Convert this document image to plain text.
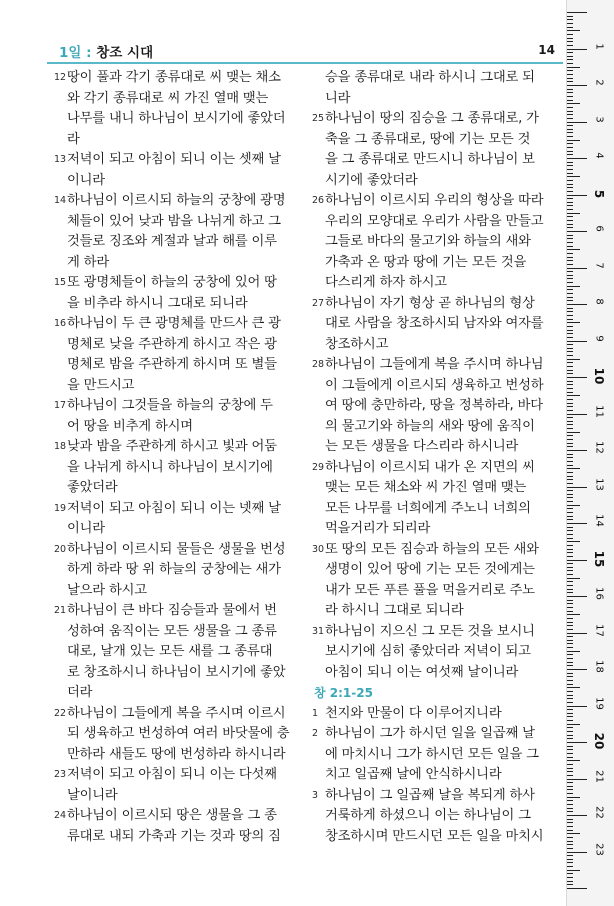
1일 : 창조 시대	14
12 땅이 풀과 각기 종류대로 씨 맺는 채소
와 각기 종류대로 씨 가진 열매 맺는
나무를 내니 하나님이 보시기에 좋았더
라
13 저녁이 되고 아침이 되니 이는 셋째 날
이니라
14 하나님이 이르시되 하늘의 궁창에 광명
체들이 있어 낮과 밤을 나뉘게 하고 그
것들로 징조와 계절과 날과 해를 이루
게 하라
15 또 광명체들이 하늘의 궁창에 있어 땅
을 비추라 하시니 그대로 되니라
16 하나님이 두 큰 광명체를 만드사 큰 광
명체로 낮을 주관하게 하시고 작은 광
명체로 밤을 주관하게 하시며 또 별들
을 만드시고
17 하나님이 그것들을 하늘의 궁창에 두
어 땅을 비추게 하시며
18 낮과 밤을 주관하게 하시고 빛과 어둠
을 나뉘게 하시니 하나님이 보시기에
좋았더라
19 저녁이 되고 아침이 되니 이는 넷째 날
이니라
20 하나님이 이르시되 물들은 생물을 번성
하게 하라 땅 위 하늘의 궁창에는 새가
날으라 하시고
21 하나님이 큰 바다 짐승들과 물에서 번
성하여 움직이는 모든 생물을 그 종류
대로, 날개 있는 모든 새를 그 종류대
로 창조하시니 하나님이 보시기에 좋았
더라
22 하나님이 그들에게 복을 주시며 이르시
되 생육하고 번성하여 여러 바닷물에 충
만하라 새들도 땅에 번성하라 하시니라
23 저녁이 되고 아침이 되니 이는 다섯째
날이니라
24 하나님이 이르시되 땅은 생물을 그 종
류대로 내되 가축과 기는 것과 땅의 짐
승을 종류대로 내라 하시니 그대로 되
니라
25 하나님이 땅의 짐승을 그 종류대로, 가
축을 그 종류대로, 땅에 기는 모든 것
을 그 종류대로 만드시니 하나님이 보
시기에 좋았더라
26 하나님이 이르시되 우리의 형상을 따라
우리의 모양대로 우리가 사람을 만들고
그들로 바다의 물고기와 하늘의 새와
가축과 온 땅과 땅에 기는 모든 것을
다스리게 하자 하시고
27 하나님이 자기 형상 곧 하나님의 형상
대로 사람을 창조하시되 남자와 여자를
창조하시고
28 하나님이 그들에게 복을 주시며 하나님
이 그들에게 이르시되 생육하고 번성하
여 땅에 충만하라, 땅을 정복하라, 바다
의 물고기와 하늘의 새와 땅에 움직이
는 모든 생물을 다스리라 하시니라
29 하나님이 이르시되 내가 온 지면의 씨
맺는 모든 채소와 씨 가진 열매 맺는
모든 나무를 너희에게 주노니 너희의
먹을거리가 되리라
30 또 땅의 모든 짐승과 하늘의 모든 새와
생명이 있어 땅에 기는 모든 것에게는
내가 모든 푸른 풀을 먹을거리로 주노
라 하시니 그대로 되니라
31 하나님이 지으신 그 모든 것을 보시니
보시기에 심히 좋았더라 저녁이 되고
아침이 되니 이는 여섯째 날이니라
창 2:1-25
1 천지와 만물이 다 이루어지니라
2 하나님이 그가 하시던 일을 일곱째 날
에 마치시니 그가 하시던 모든 일을 그
치고 일곱째 날에 안식하시니라
3 하나님이 그 일곱째 날을 복되게 하사
거룩하게 하셨으니 이는 하나님이 그
창조하시며 만드시던 모든 일을 마치시
1
2
3
4
5
6
7
8
9
10
11
12
13
14
15
16
17
18
19
20
21
22
23
